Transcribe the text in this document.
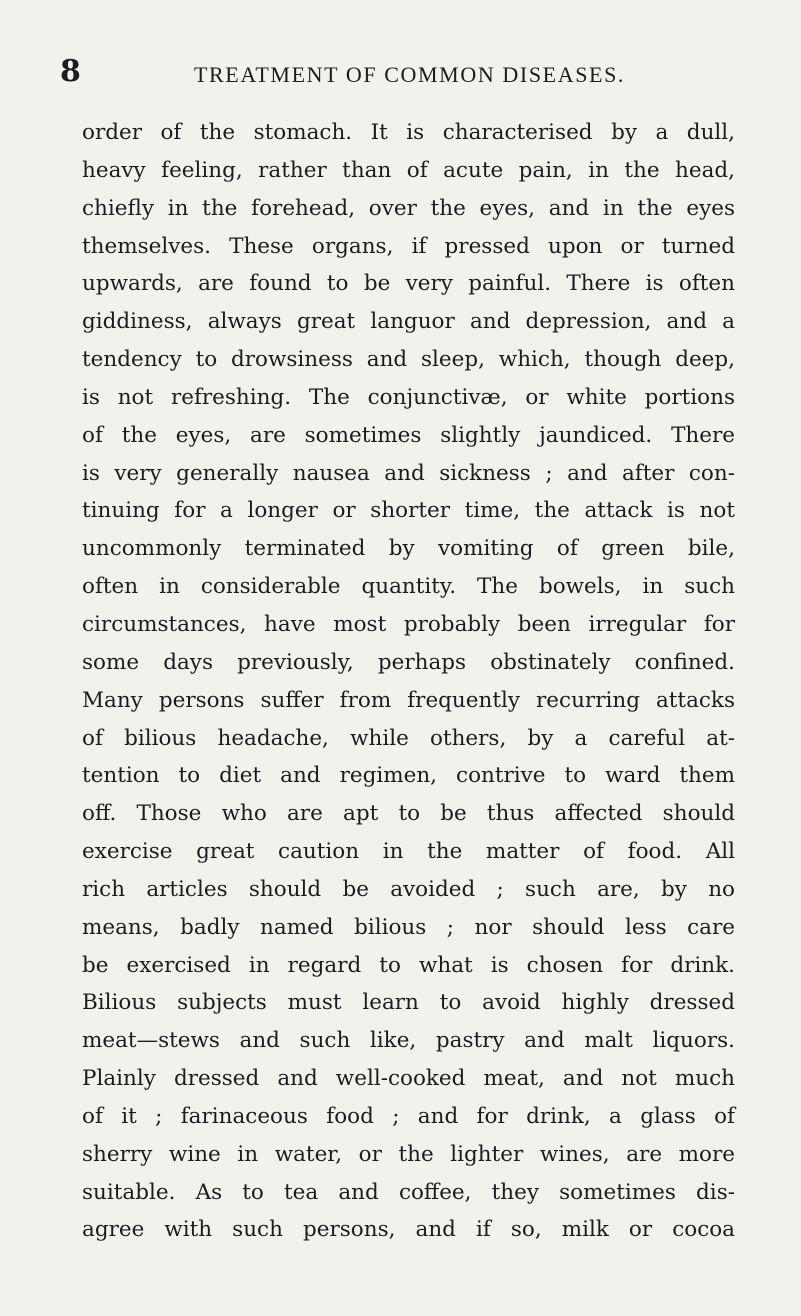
8	TREATMENT OF COMMON DISEASES.
order of the stomach. It is characterised by a dull,
heavy feeling, rather than of acute pain, in the head,
chiefly in the forehead, over the eyes, and in the eyes
themselves. These organs, if pressed upon or turned
upwards, are found to be very painful. There is often
giddiness, always great languor and depression, and a
tendency to drowsiness and sleep, which, though deep,
is not refreshing. The conjunctivæ, or white portions
of the eyes, are sometimes slightly jaundiced. There
is very generally nausea and sickness ; and after con-
tinuing for a longer or shorter time, the attack is not
uncommonly terminated by vomiting of green bile,
often in considerable quantity. The bowels, in such
circumstances, have most probably been irregular for
some days previously, perhaps obstinately confined.
Many persons suffer from frequently recurring attacks
of bilious headache, while others, by a careful at-
tention to diet and regimen, contrive to ward them
off. Those who are apt to be thus affected should
exercise great caution in the matter of food. All
rich articles should be avoided ; such are, by no
means, badly named bilious ; nor should less care
be exercised in regard to what is chosen for drink.
Bilious subjects must learn to avoid highly dressed
meat—stews and such like, pastry and malt liquors.
Plainly dressed and well-cooked meat, and not much
of it ; farinaceous food ; and for drink, a glass of
sherry wine in water, or the lighter wines, are more
suitable. As to tea and coffee, they sometimes dis-
agree with such persons, and if so, milk or cocoa
